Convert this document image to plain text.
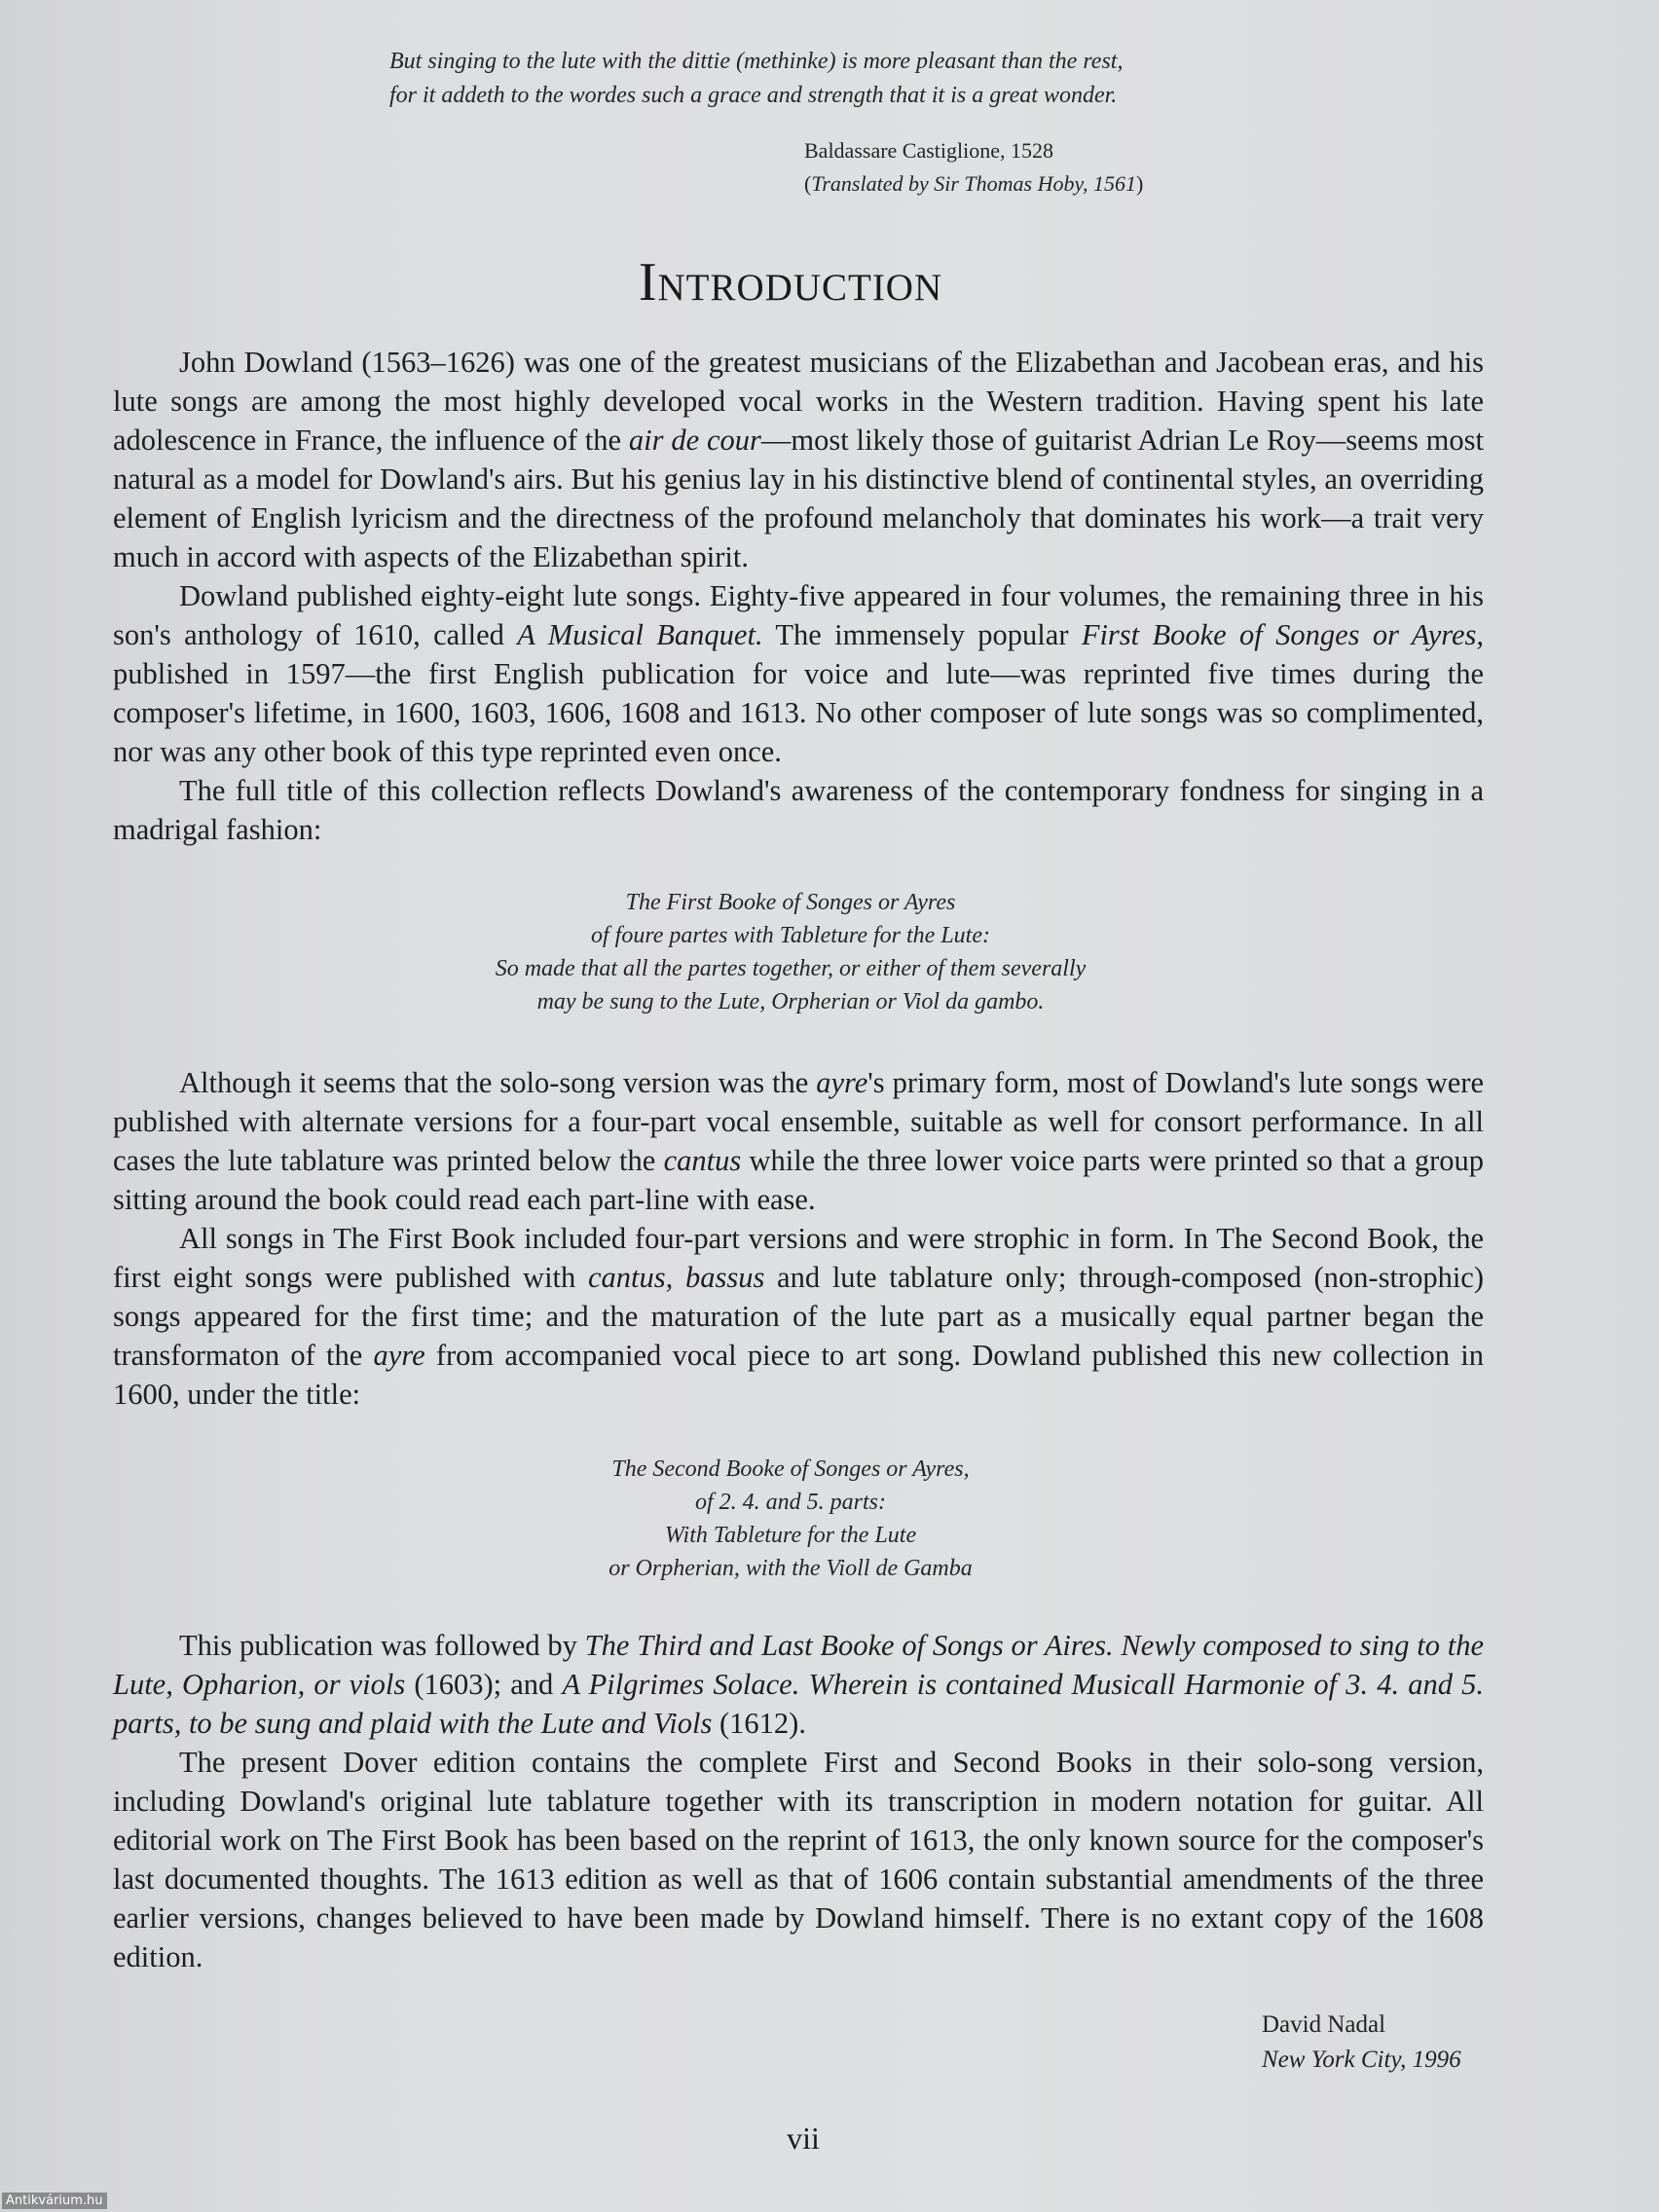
But singing to the lute with the dittie (methinke) is more pleasant than the rest,
for it addeth to the wordes such a grace and strength that it is a great wonder.
Baldassare Castiglione, 1528
(Translated by Sir Thomas Hoby, 1561)
Introduction

John Dowland (1563–1626) was one of the greatest musicians of the Elizabethan and Jacobean eras, and his lute songs are among the most highly developed vocal works in the Western tradition. Having spent his late adolescence in France, the influence of the air de cour—most likely those of guitarist Adrian Le Roy—seems most natural as a model for Dowland's airs. But his genius lay in his distinctive blend of continental styles, an overriding element of English lyricism and the directness of the profound melancholy that dominates his work—a trait very much in accord with aspects of the Elizabethan spirit.

Dowland published eighty-eight lute songs. Eighty-five appeared in four volumes, the remaining three in his son's anthology of 1610, called A Musical Banquet. The immensely popular First Booke of Songes or Ayres, published in 1597—the first English publication for voice and lute—was reprinted five times during the composer's lifetime, in 1600, 1603, 1606, 1608 and 1613. No other composer of lute songs was so complimented, nor was any other book of this type reprinted even once.

The full title of this collection reflects Dowland's awareness of the contemporary fondness for singing in a madrigal fashion:

The First Booke of Songes or Ayres
of foure partes with Tableture for the Lute:
So made that all the partes together, or either of them severally
may be sung to the Lute, Orpherian or Viol da gambo.

Although it seems that the solo-song version was the ayre's primary form, most of Dowland's lute songs were published with alternate versions for a four-part vocal ensemble, suitable as well for consort performance. In all cases the lute tablature was printed below the cantus while the three lower voice parts were printed so that a group sitting around the book could read each part-line with ease.

All songs in The First Book included four-part versions and were strophic in form. In The Second Book, the first eight songs were published with cantus, bassus and lute tablature only; through-composed (non-strophic) songs appeared for the first time; and the maturation of the lute part as a musically equal partner began the transformaton of the ayre from accompanied vocal piece to art song. Dowland published this new collection in 1600, under the title:

The Second Booke of Songes or Ayres,
of 2. 4. and 5. parts:
With Tableture for the Lute
or Orpherian, with the Violl de Gamba

This publication was followed by The Third and Last Booke of Songs or Aires. Newly composed to sing to the Lute, Opharion, or viols (1603); and A Pilgrimes Solace. Wherein is contained Musicall Harmonie of 3. 4. and 5. parts, to be sung and plaid with the Lute and Viols (1612).

The present Dover edition contains the complete First and Second Books in their solo-song version, including Dowland's original lute tablature together with its transcription in modern notation for guitar. All editorial work on The First Book has been based on the reprint of 1613, the only known source for the composer's last documented thoughts. The 1613 edition as well as that of 1606 contain substantial amendments of the three earlier versions, changes believed to have been made by Dowland himself. There is no extant copy of the 1608 edition.

David Nadal
New York City, 1996
vii
Antikvárium.hu
